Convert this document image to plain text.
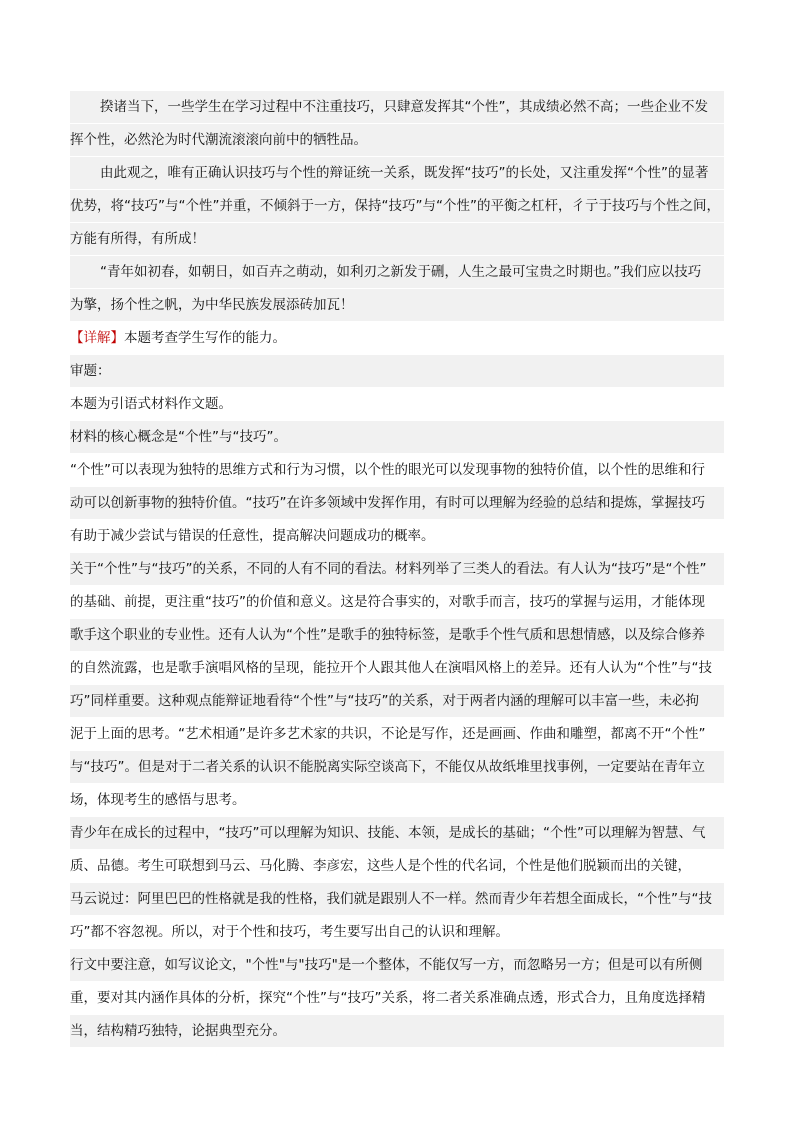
揆诸当下，一些学生在学习过程中不注重技巧，只肆意发挥其“个性”，其成绩必然不高；一些企业不发
挥个性，必然沦为时代潮流滚滚向前中的牺牲品。
由此观之，唯有正确认识技巧与个性的辩证统一关系，既发挥“技巧”的长处，又注重发挥“个性”的显著
优势，将“技巧”与“个性”并重，不倾斜于一方，保持“技巧”与“个性”的平衡之杠杆，彳亍于技巧与个性之间，
方能有所得，有所成！
“青年如初春，如朝日，如百卉之萌动，如利刃之新发于硎，人生之最可宝贵之时期也。”我们应以技巧
为擎，扬个性之帆，为中华民族发展添砖加瓦！
【详解】本题考查学生写作的能力。
审题：
本题为引语式材料作文题。
材料的核心概念是“个性”与“技巧”。
“个性”可以表现为独特的思维方式和行为习惯，以个性的眼光可以发现事物的独特价值，以个性的思维和行
动可以创新事物的独特价值。“技巧”在许多领域中发挥作用，有时可以理解为经验的总结和提炼，掌握技巧
有助于减少尝试与错误的任意性，提高解决问题成功的概率。
关于“个性”与“技巧”的关系，不同的人有不同的看法。材料列举了三类人的看法。有人认为“技巧”是“个性”
的基础、前提，更注重“技巧”的价值和意义。这是符合事实的，对歌手而言，技巧的掌握与运用，才能体现
歌手这个职业的专业性。还有人认为“个性”是歌手的独特标签，是歌手个性气质和思想情感，以及综合修养
的自然流露，也是歌手演唱风格的呈现，能拉开个人跟其他人在演唱风格上的差异。还有人认为“个性”与“技
巧”同样重要。这种观点能辩证地看待“个性”与“技巧”的关系，对于两者内涵的理解可以丰富一些，未必拘
泥于上面的思考。“艺术相通”是许多艺术家的共识，不论是写作，还是画画、作曲和雕塑，都离不开“个性”
与“技巧”。但是对于二者关系的认识不能脱离实际空谈高下，不能仅从故纸堆里找事例，一定要站在青年立
场，体现考生的感悟与思考。
青少年在成长的过程中，“技巧”可以理解为知识、技能、本领，是成长的基础；“个性”可以理解为智慧、气
质、品德。考生可联想到马云、马化腾、李彦宏，这些人是个性的代名词，个性是他们脱颖而出的关键，
马云说过：阿里巴巴的性格就是我的性格，我们就是跟别人不一样。然而青少年若想全面成长，“个性”与“技
巧”都不容忽视。所以，对于个性和技巧，考生要写出自己的认识和理解。
行文中要注意，如写议论文，"个性"与"技巧"是一个整体，不能仅写一方，而忽略另一方；但是可以有所侧
重，要对其内涵作具体的分析，探究“个性”与“技巧”关系，将二者关系准确点透，形式合力，且角度选择精
当，结构精巧独特，论据典型充分。
